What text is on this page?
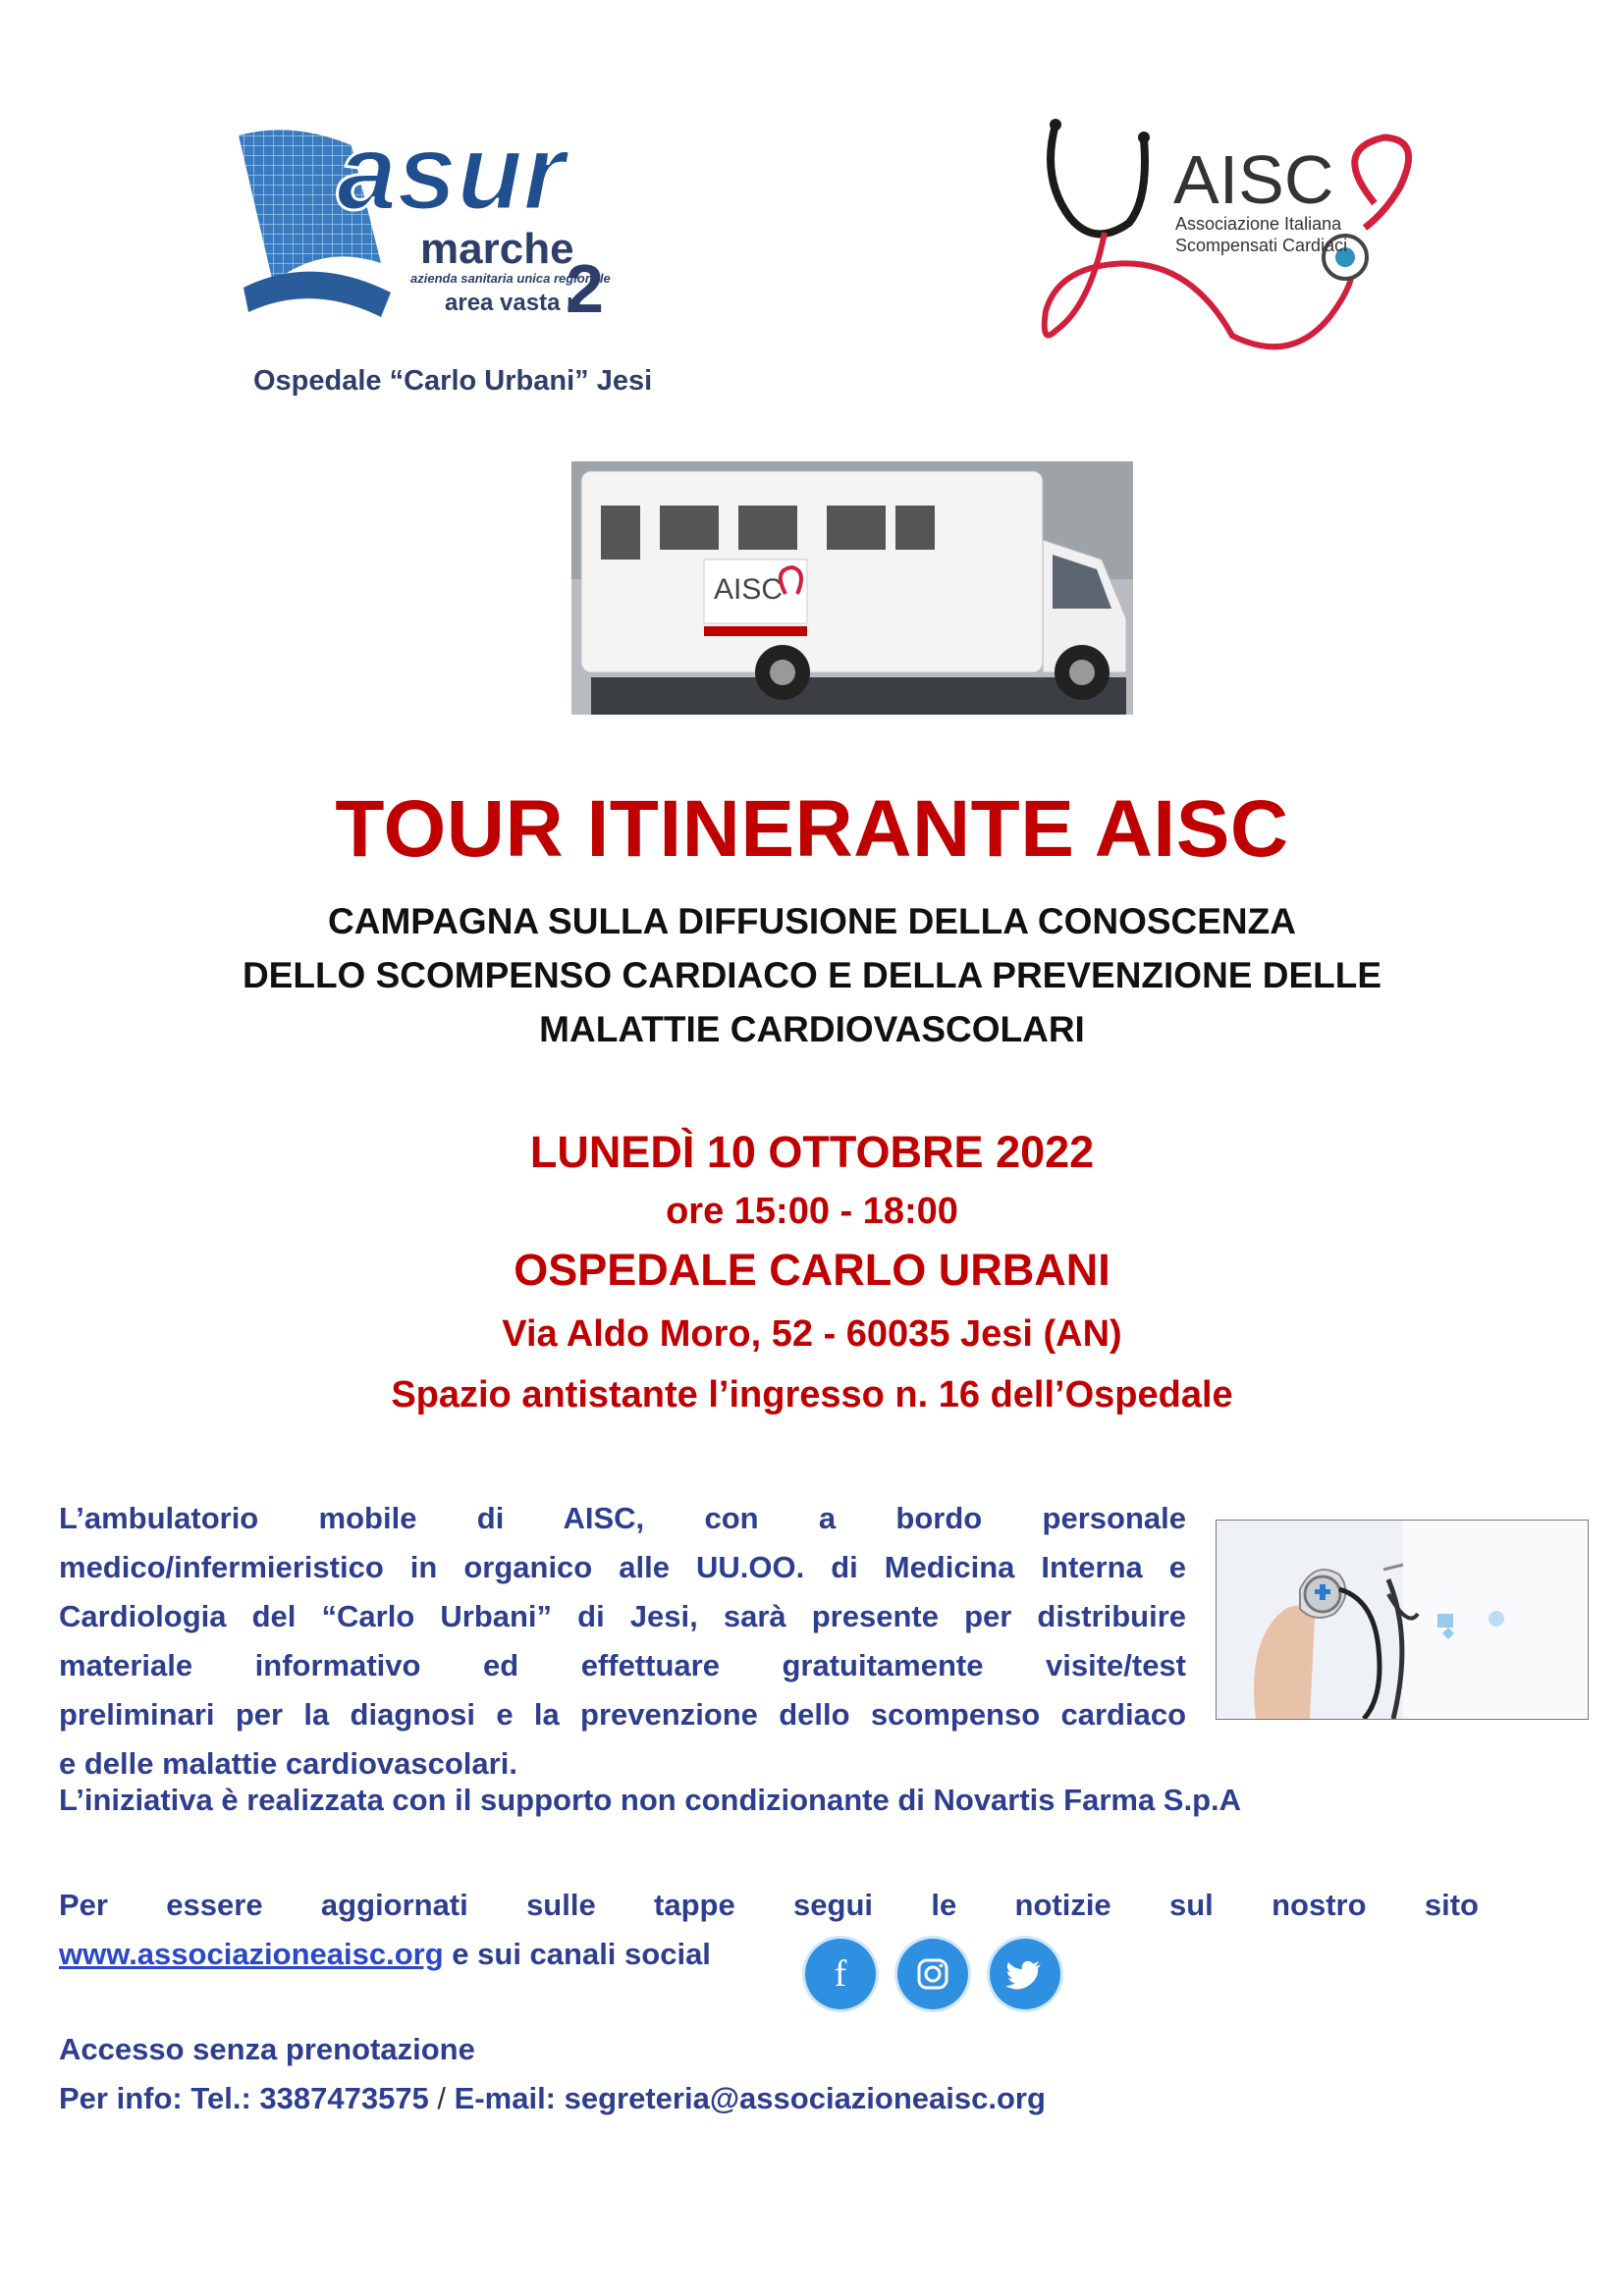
asur
marche
azienda sanitaria unica regionale
area vasta n.
2
Ospedale “Carlo Urbani” Jesi
AISC
Associazione Italiana
Scompensati Cardiaci
AISC
TOUR ITINERANTE AISC
CAMPAGNA SULLA DIFFUSIONE DELLA CONOSCENZA
DELLO SCOMPENSO CARDIACO E DELLA PREVENZIONE DELLE
MALATTIE CARDIOVASCOLARI
LUNEDÌ 10 OTTOBRE 2022
ore 15:00 - 18:00
OSPEDALE CARLO URBANI
Via Aldo Moro, 52 - 60035 Jesi (AN)
Spazio antistante l’ingresso n. 16 dell’Ospedale
L’ambulatorio mobile di AISC, con a bordo personale
medico/infermieristico in organico alle UU.OO. di Medicina Interna e
Cardiologia del “Carlo Urbani” di Jesi, sarà presente per distribuire
materiale informativo ed effettuare gratuitamente visite/test
preliminari per la diagnosi e la prevenzione dello scompenso cardiaco
e delle malattie cardiovascolari.
L’iniziativa è realizzata con il supporto non condizionante di Novartis Farma S.p.A
Per essere aggiornati sulle tappe segui le notizie sul nostro sito
www.associazioneaisc.org e sui canali social	f
Accesso senza prenotazione
Per info: Tel.: 3387473575 / E-mail: segreteria@associazioneaisc.org
